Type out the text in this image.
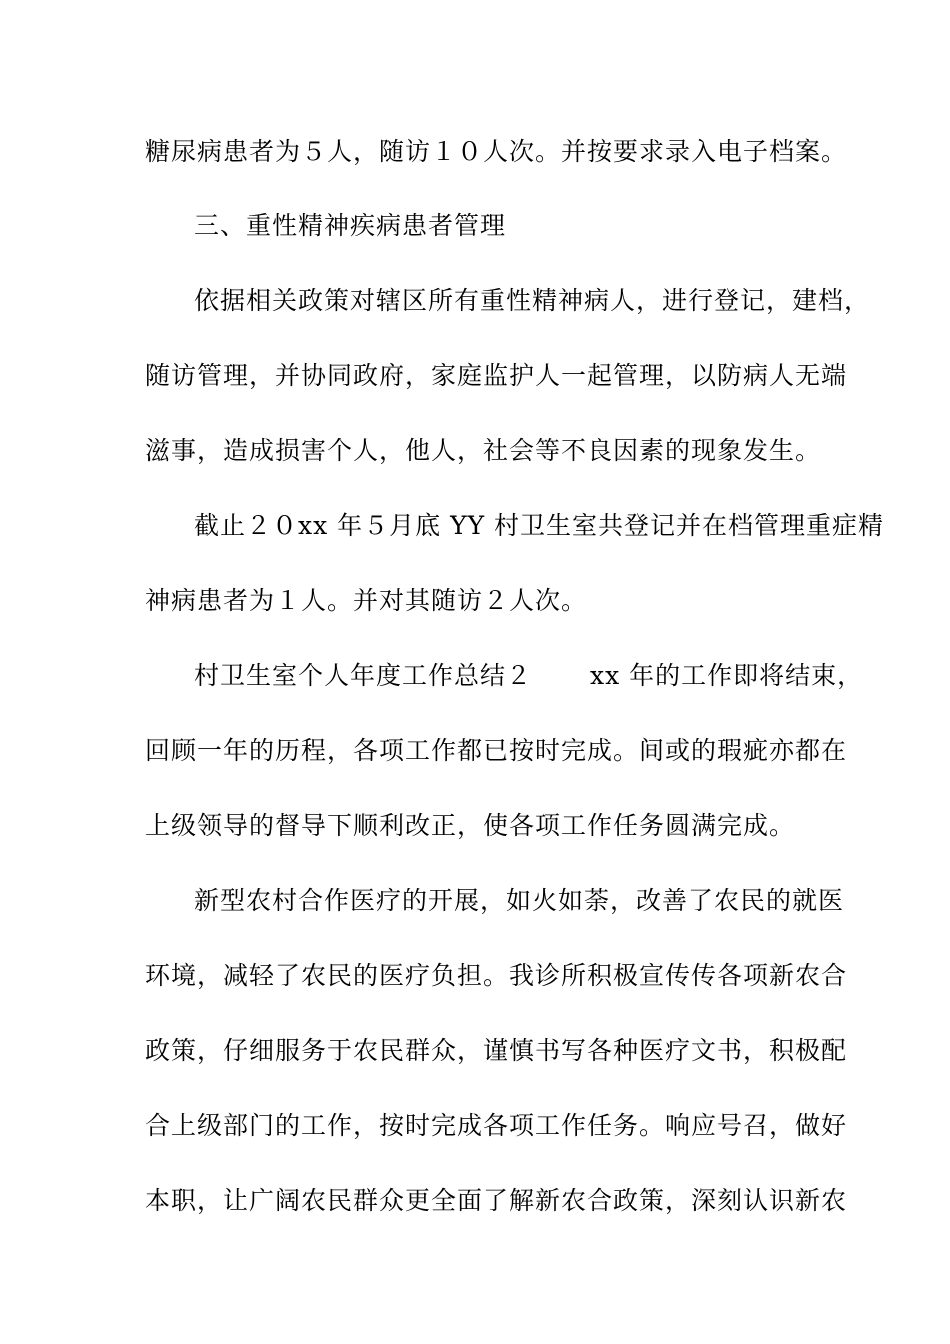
糖尿病患者为５人，随访１０人次。并按要求录入电子档案。
三、重性精神疾病患者管理
依据相关政策对辖区所有重性精神病人，进行登记，建档，
随访管理，并协同政府，家庭监护人一起管理，以防病人无端
滋事，造成损害个人，他人，社会等不良因素的现象发生。
截止２０xx 年５月底 YY 村卫生室共登记并在档管理重症精
神病患者为１人。并对其随访２人次。
村卫生室个人年度工作总结２ xx 年的工作即将结束，
回顾一年的历程，各项工作都已按时完成。间或的瑕疵亦都在
上级领导的督导下顺利改正，使各项工作任务圆满完成。
新型农村合作医疗的开展，如火如荼，改善了农民的就医
环境，减轻了农民的医疗负担。我诊所积极宣传传各项新农合
政策，仔细服务于农民群众，谨慎书写各种医疗文书，积极配
合上级部门的工作，按时完成各项工作任务。响应号召，做好
本职，让广阔农民群众更全面了解新农合政策，深刻认识新农
